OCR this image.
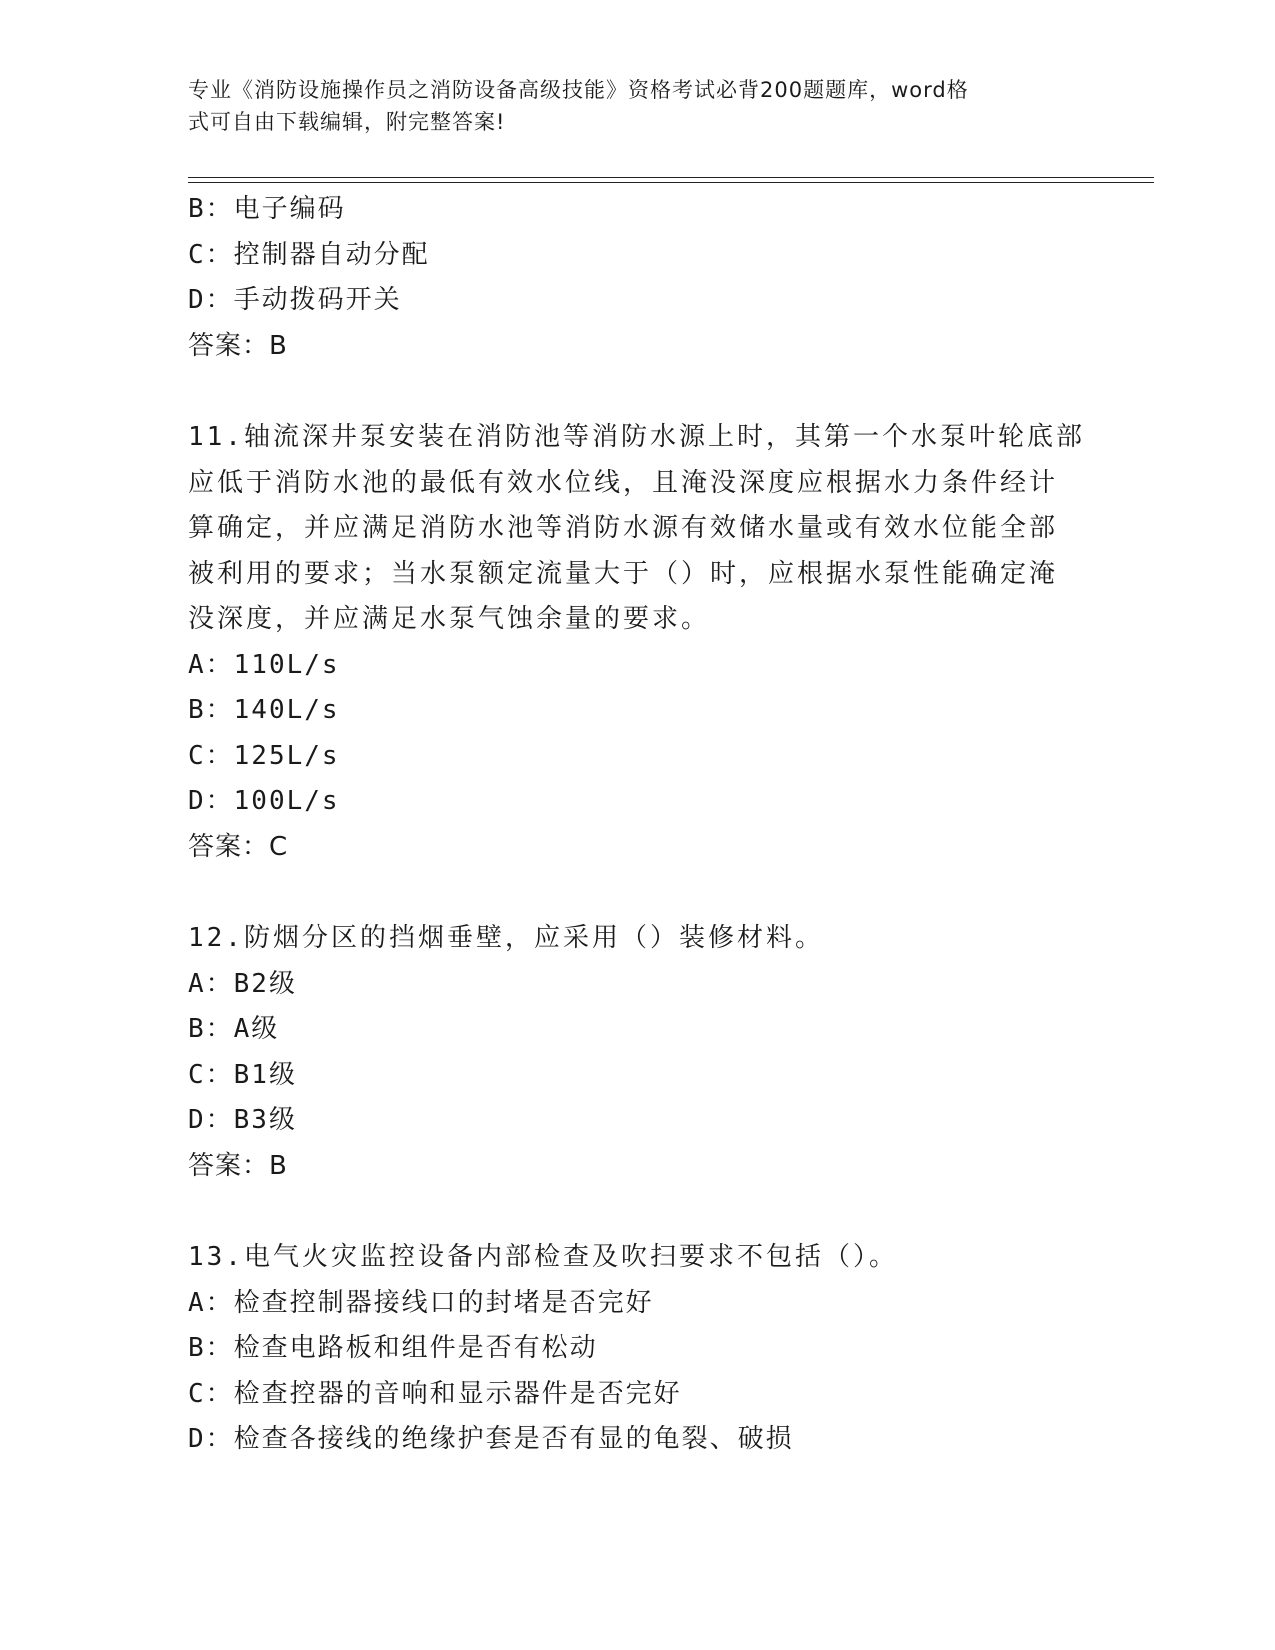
专业《消防设施操作员之消防设备高级技能》资格考试必背200题题库，word格
式可自由下载编辑，附完整答案!
B：电子编码
C：控制器自动分配
D：手动拨码开关
答案：B
11.轴流深井泵安装在消防池等消防水源上时，其第一个水泵叶轮底部
应低于消防水池的最低有效水位线，且淹没深度应根据水力条件经计
算确定，并应满足消防水池等消防水源有效储水量或有效水位能全部
被利用的要求；当水泵额定流量大于（）时，应根据水泵性能确定淹
没深度，并应满足水泵气蚀余量的要求。
A：110L/s
B：140L/s
C：125L/s
D：100L/s
答案：C
12.防烟分区的挡烟垂壁，应采用（）装修材料。
A：B2级
B：A级
C：B1级
D：B3级
答案：B
13.电气火灾监控设备内部检查及吹扫要求不包括（）。
A：检查控制器接线口的封堵是否完好
B：检查电路板和组件是否有松动
C：检查控器的音响和显示器件是否完好
D：检查各接线的绝缘护套是否有显的龟裂、破损
